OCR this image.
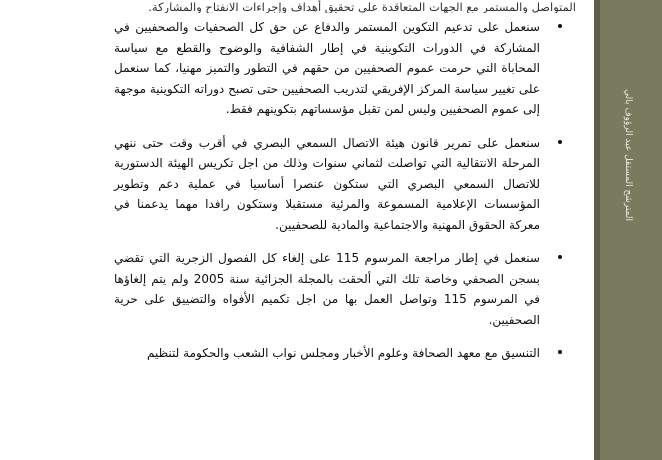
المتواصل والمستمر مع الجهات المتعاقدة على تحقيق أهداف وإجراءات الانفتاح والمشاركة.
سنعمل على تدعيم التكوين المستمر والدفاع عن حق كل الصحفيات والصحفيين في المشاركة في الدورات التكوينية في إطار الشفافية والوضوح والقطع مع سياسة المحاباة التي حرمت عموم الصحفيين من حقهم في التطور والتميز مهنيا، كما سنعمل على تغيير سياسة المركز الإفريقي لتدريب الصحفيين حتى تصبح دوراته التكوينية موجهة إلى عموم الصحفيين وليس لمن تقبل مؤسساتهم بتكوينهم فقط.
سنعمل على تمرير قانون هيئة الاتصال السمعي البصري في أقرب وقت حتى ننهي المرحلة الانتقالية التي تواصلت لثماني سنوات وذلك من اجل تكريس الهيئة الدستورية للاتصال السمعي البصري التي ستكون عنصرا أساسيا في عملية دعم وتطوير المؤسسات الإعلامية المسموعة والمرئية مستقبلا وستكون رافدا مهما يدعمنا في معركة الحقوق المهنية والاجتماعية والمادية للصحفيين.
سنعمل في إطار مراجعة المرسوم 115 على إلغاء كل الفصول الزجرية التي تقضي بسجن الصحفي وخاصة تلك التي ألحقت بالمجلة الجزائية سنة 2005 ولم يتم إلغاؤها في المرسوم 115 وتواصل العمل بها من اجل تكميم الأفواه والتضييق على حرية الصحفيين.
التنسيق مع معهد الصحافة وعلوم الأخبار ومجلس نواب الشعب والحكومة لتنظيم
المترشح المستقل عبد الرؤوف بالي
